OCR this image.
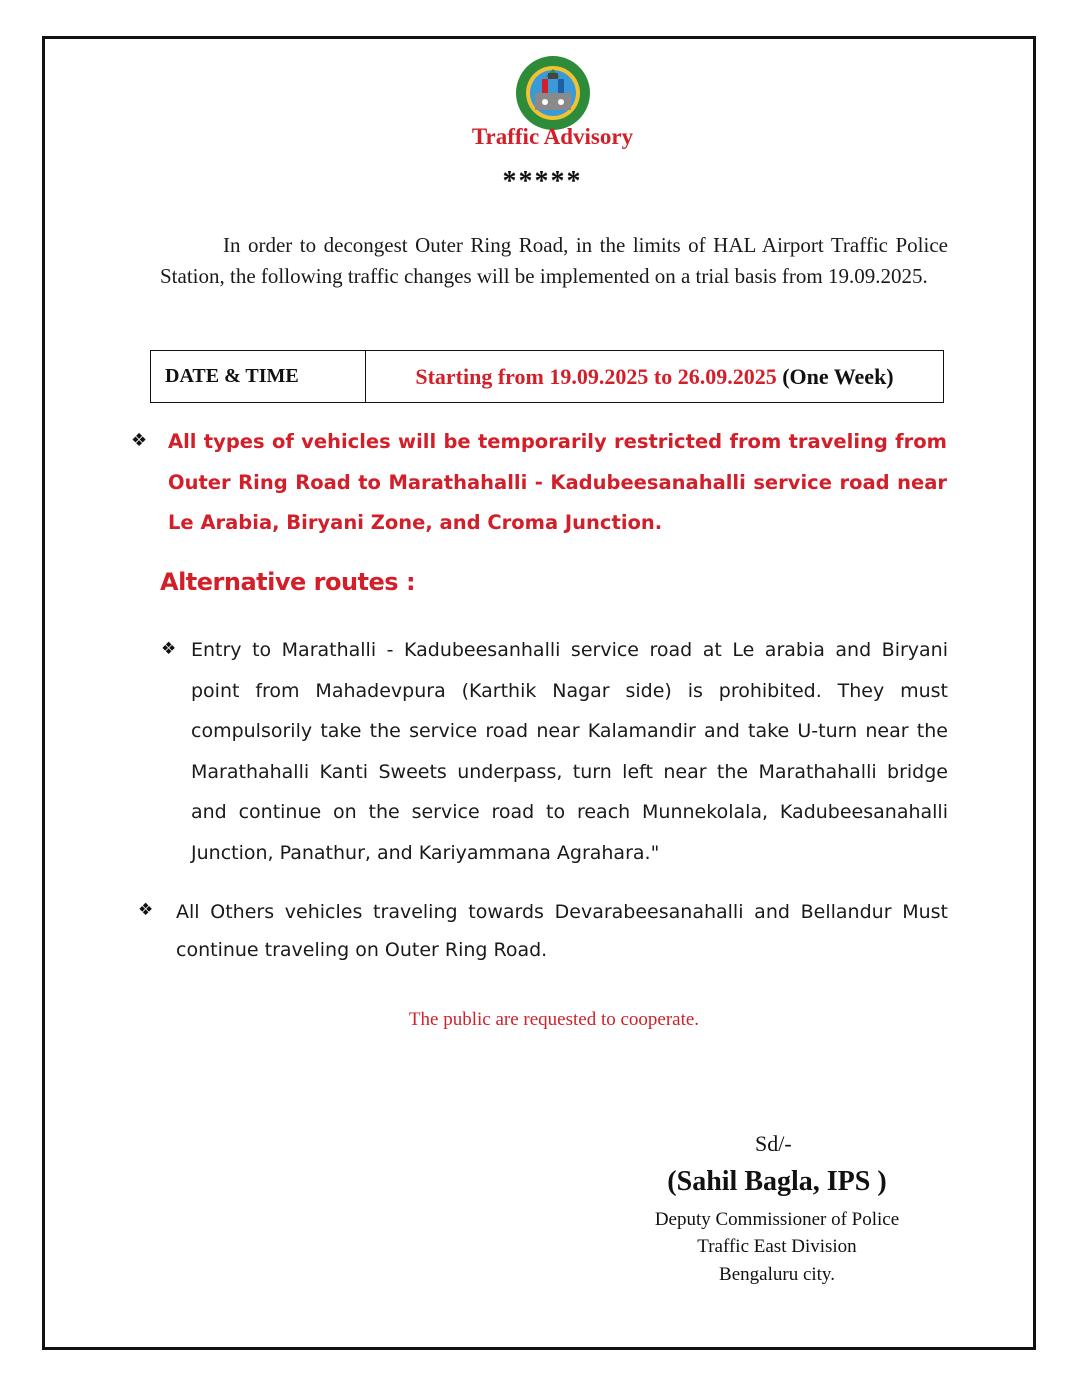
Traffic Advisory
*****
In order to decongest Outer Ring Road, in the limits of HAL Airport Traffic Police Station, the following traffic changes will be implemented on a trial basis from 19.09.2025.
DATE & TIME	Starting from 19.09.2025 to 26.09.2025 (One Week)
❖ All types of vehicles will be temporarily restricted from traveling from Outer Ring Road to Marathahalli - Kadubeesanahalli service road near Le Arabia, Biryani Zone, and Croma Junction.
Alternative routes :
❖ Entry to Marathalli - Kadubeesanhalli service road at Le arabia and Biryani point from Mahadevpura (Karthik Nagar side) is prohibited. They must compulsorily take the service road near Kalamandir and take U-turn near the Marathahalli Kanti Sweets underpass, turn left near the Marathahalli bridge and continue on the service road to reach Munnekolala, Kadubeesanahalli Junction, Panathur, and Kariyammana Agrahara."
❖ All Others vehicles traveling towards Devarabeesanahalli and Bellandur Must continue traveling on Outer Ring Road.
The public are requested to cooperate.
Sd/-
(Sahil Bagla, IPS )
Deputy Commissioner of Police
Traffic East Division
Bengaluru city.
